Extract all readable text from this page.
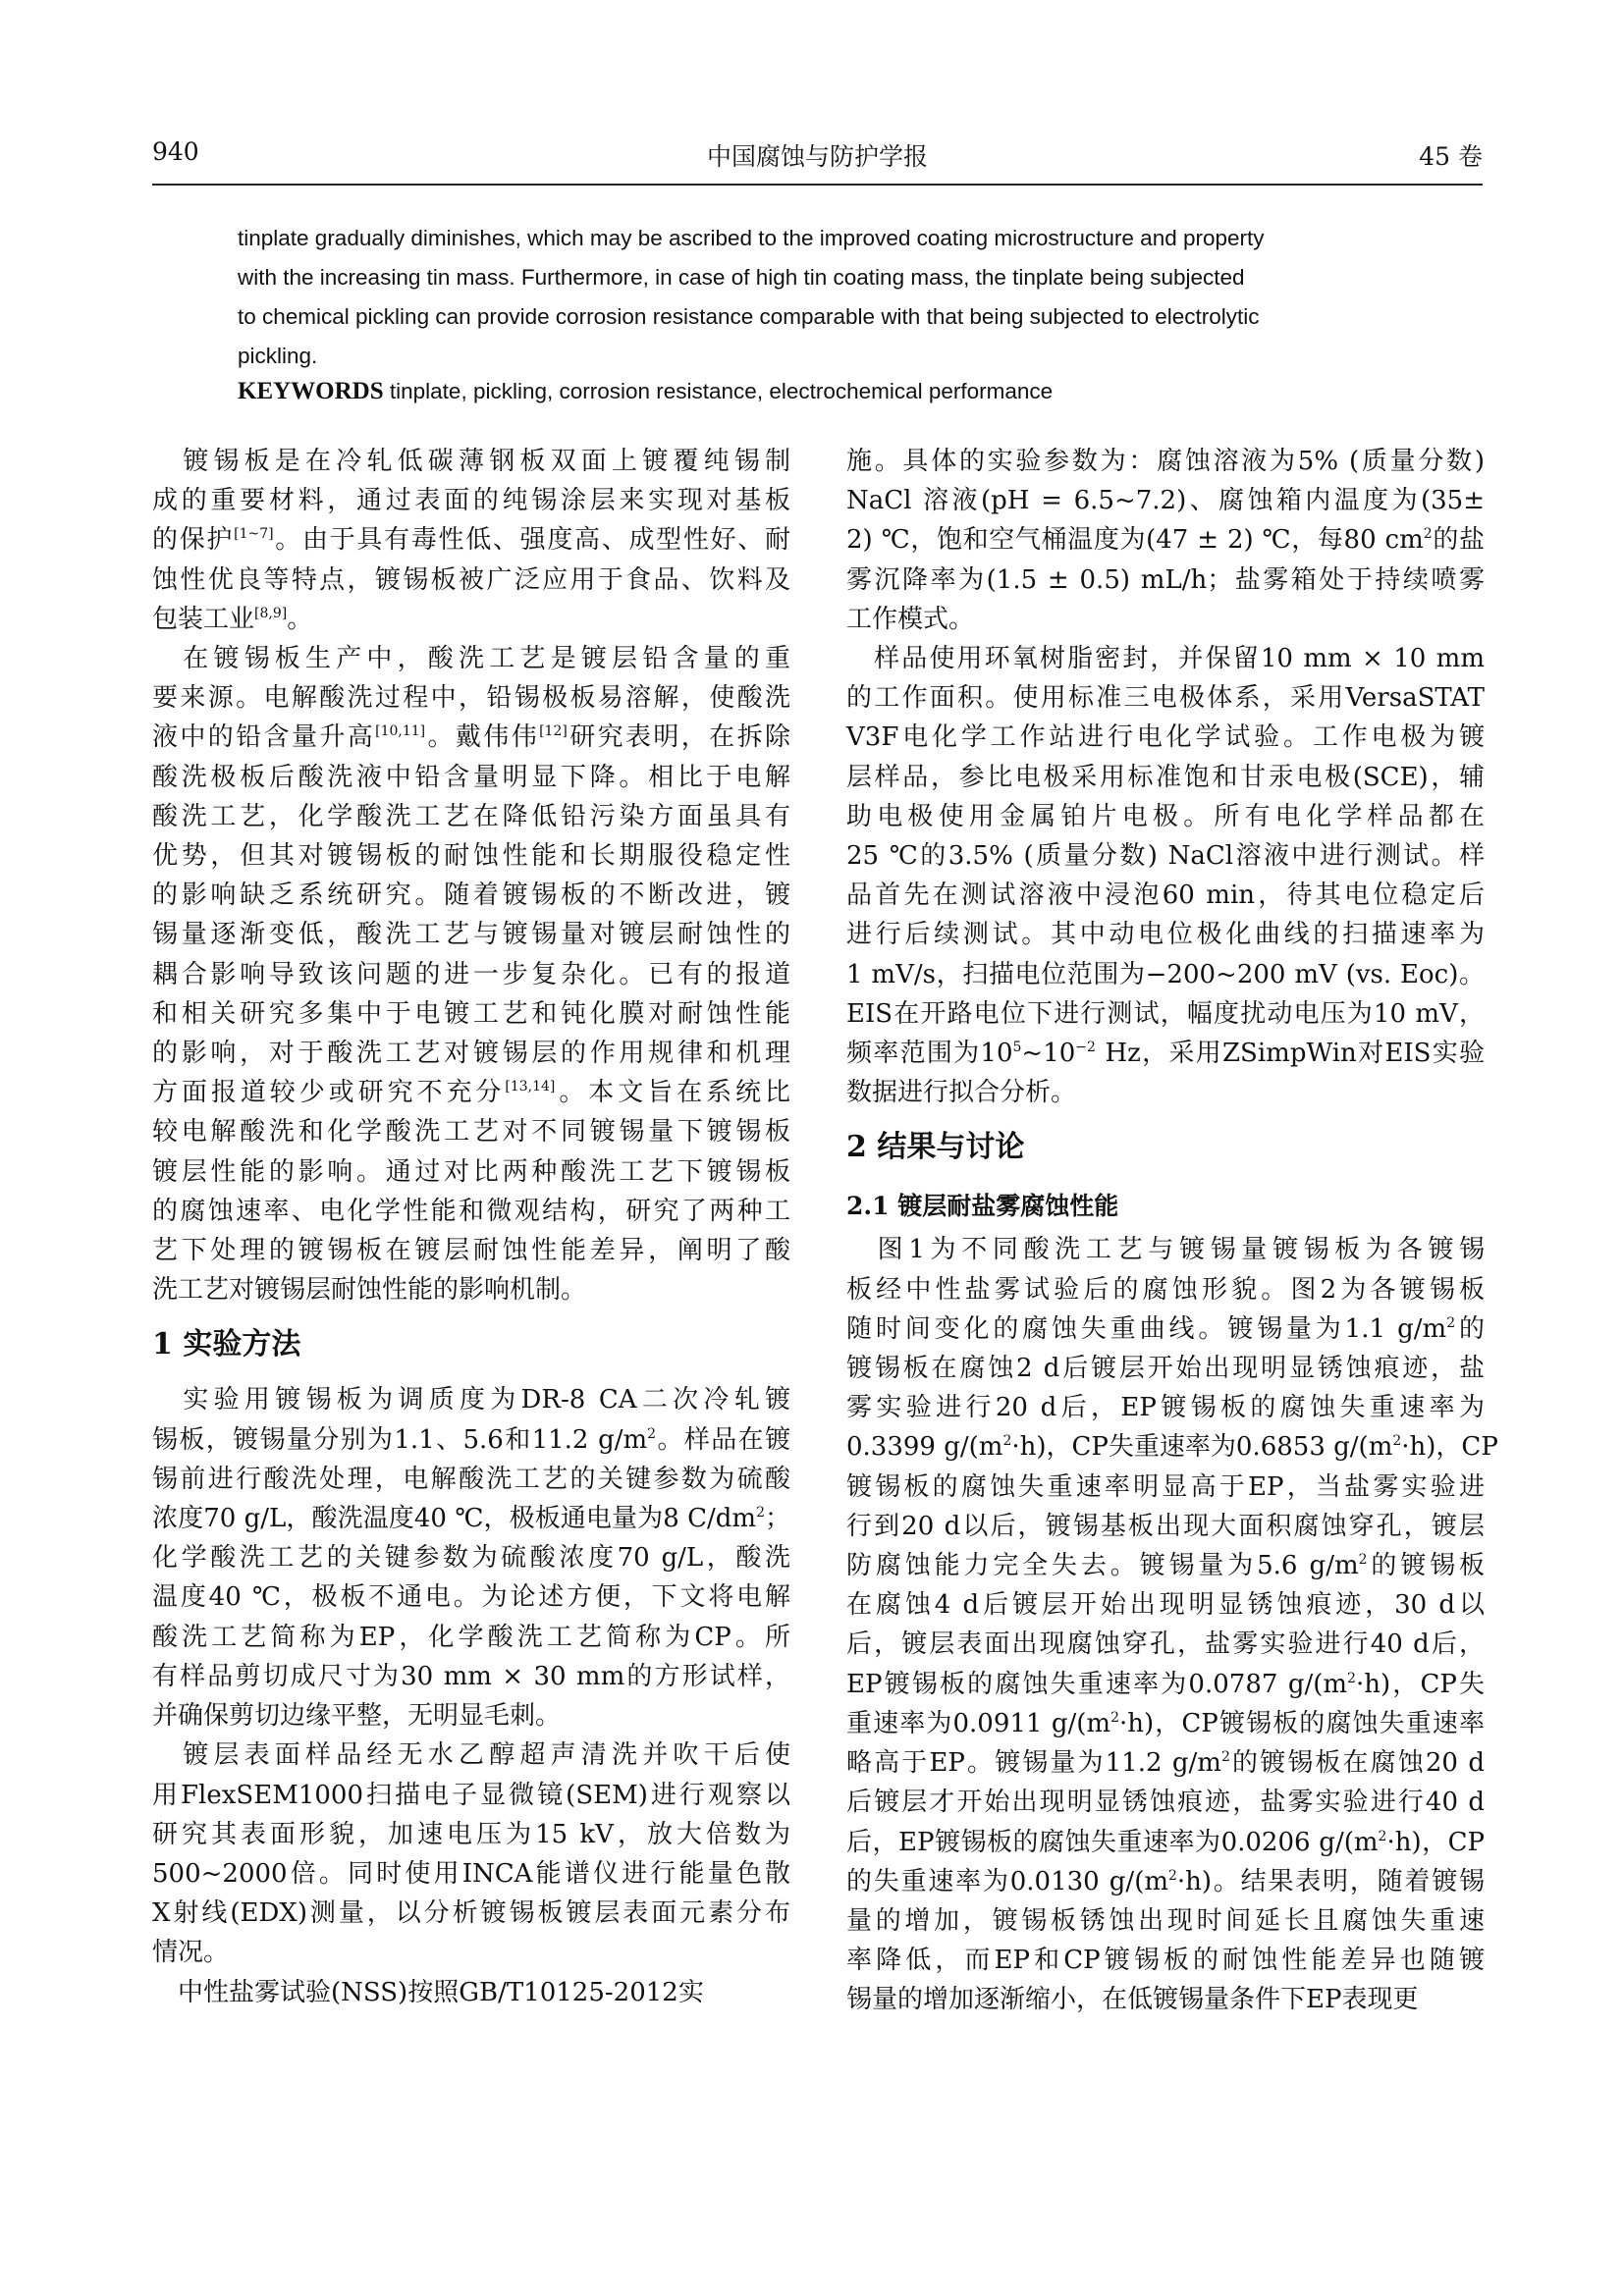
940	中国腐蚀与防护学报	45 卷
tinplate gradually diminishes, which may be ascribed to the improved coating microstructure and property
with the increasing tin mass. Furthermore, in case of high tin coating mass, the tinplate being subjected
to chemical pickling can provide corrosion resistance comparable with that being subjected to electrolytic
pickling.
KEYWORDS tinplate, pickling, corrosion resistance, electrochemical performance
　镀锡板是在冷轧低碳薄钢板双面上镀覆纯锡制
成的重要材料，通过表面的纯锡涂层来实现对基板
的保护[1~7]。由于具有毒性低、强度高、成型性好、耐
蚀性优良等特点，镀锡板被广泛应用于食品、饮料及
包装工业[8,9]。
　在镀锡板生产中，酸洗工艺是镀层铅含量的重
要来源。电解酸洗过程中，铅锡极板易溶解，使酸洗
液中的铅含量升高[10,11]。戴伟伟[12]研究表明，在拆除
酸洗极板后酸洗液中铅含量明显下降。相比于电解
酸洗工艺，化学酸洗工艺在降低铅污染方面虽具有
优势，但其对镀锡板的耐蚀性能和长期服役稳定性
的影响缺乏系统研究。随着镀锡板的不断改进，镀
锡量逐渐变低，酸洗工艺与镀锡量对镀层耐蚀性的
耦合影响导致该问题的进一步复杂化。已有的报道
和相关研究多集中于电镀工艺和钝化膜对耐蚀性能
的影响，对于酸洗工艺对镀锡层的作用规律和机理
方面报道较少或研究不充分[13,14]。本文旨在系统比
较电解酸洗和化学酸洗工艺对不同镀锡量下镀锡板
镀层性能的影响。通过对比两种酸洗工艺下镀锡板
的腐蚀速率、电化学性能和微观结构，研究了两种工
艺下处理的镀锡板在镀层耐蚀性能差异，阐明了酸
洗工艺对镀锡层耐蚀性能的影响机制。
1 实验方法
　实验用镀锡板为调质度为DR-8 CA二次冷轧镀
锡板，镀锡量分别为1.1、5.6和11.2 $g/m^2$。样品在镀
锡前进行酸洗处理，电解酸洗工艺的关键参数为硫酸
浓度70 g/L，酸洗温度40 ℃，极板通电量为8 $C/dm^2$；
化学酸洗工艺的关键参数为硫酸浓度70 g/L，酸洗
温度40 ℃，极板不通电。为论述方便，下文将电解
酸洗工艺简称为EP，化学酸洗工艺简称为CP。所
有样品剪切成尺寸为30 mm × 30 mm的方形试样，
并确保剪切边缘平整，无明显毛刺。
　镀层表面样品经无水乙醇超声清洗并吹干后使
用FlexSEM1000扫描电子显微镜(SEM)进行观察以
研究其表面形貌，加速电压为15 kV，放大倍数为
500~2000倍。同时使用INCA能谱仪进行能量色散
X射线(EDX)测量，以分析镀锡板镀层表面元素分布
情况。
　中性盐雾试验(NSS)按照GB/T10125-2012实
施。具体的实验参数为：腐蚀溶液为5% (质量分数)
NaCl 溶液(pH = 6.5~7.2)、腐蚀箱内温度为(35±
2) ℃，饱和空气桶温度为(47 ± 2) ℃，每80 $cm^2$的盐
雾沉降率为(1.5 ± 0.5) mL/h；盐雾箱处于持续喷雾
工作模式。
　样品使用环氧树脂密封，并保留10 mm × 10 mm
的工作面积。使用标准三电极体系，采用VersaSTAT
V3F电化学工作站进行电化学试验。工作电极为镀
层样品，参比电极采用标准饱和甘汞电极(SCE)，辅
助电极使用金属铂片电极。所有电化学样品都在
25 ℃的3.5% (质量分数) NaCl溶液中进行测试。样
品首先在测试溶液中浸泡60 min，待其电位稳定后
进行后续测试。其中动电位极化曲线的扫描速率为
1 mV/s，扫描电位范围为−200~200 mV (vs. Eoc)。
EIS在开路电位下进行测试，幅度扰动电压为10 mV，
频率范围为$10^5\sim 10^{-2}$ Hz，采用ZSimpWin对EIS实验
数据进行拟合分析。
2 结果与讨论
2.1 镀层耐盐雾腐蚀性能
　图1为不同酸洗工艺与镀锡量镀锡板为各镀锡
板经中性盐雾试验后的腐蚀形貌。图2为各镀锡板
随时间变化的腐蚀失重曲线。镀锡量为1.1 $g/m^2$的
镀锡板在腐蚀2 d后镀层开始出现明显锈蚀痕迹，盐
雾实验进行20 d后，EP镀锡板的腐蚀失重速率为
0.3399 $g/(m^2\cdot h)$，CP失重速率为0.6853 $g/(m^2\cdot h)$，CP
镀锡板的腐蚀失重速率明显高于EP，当盐雾实验进
行到20 d以后，镀锡基板出现大面积腐蚀穿孔，镀层
防腐蚀能力完全失去。镀锡量为5.6 $g/m^2$的镀锡板
在腐蚀4 d后镀层开始出现明显锈蚀痕迹，30 d以
后，镀层表面出现腐蚀穿孔，盐雾实验进行40 d后，
EP镀锡板的腐蚀失重速率为0.0787 $g/(m^2\cdot h)$，CP失
重速率为0.0911 $g/(m^2\cdot h)$，CP镀锡板的腐蚀失重速率
略高于EP。镀锡量为11.2 $g/m^2$的镀锡板在腐蚀20 d
后镀层才开始出现明显锈蚀痕迹，盐雾实验进行40 d
后，EP镀锡板的腐蚀失重速率为0.0206 $g/(m^2\cdot h)$，CP
的失重速率为0.0130 $g/(m^2\cdot h)$。结果表明，随着镀锡
量的增加，镀锡板锈蚀出现时间延长且腐蚀失重速
率降低，而EP和CP镀锡板的耐蚀性能差异也随镀
锡量的增加逐渐缩小，在低镀锡量条件下EP表现更
